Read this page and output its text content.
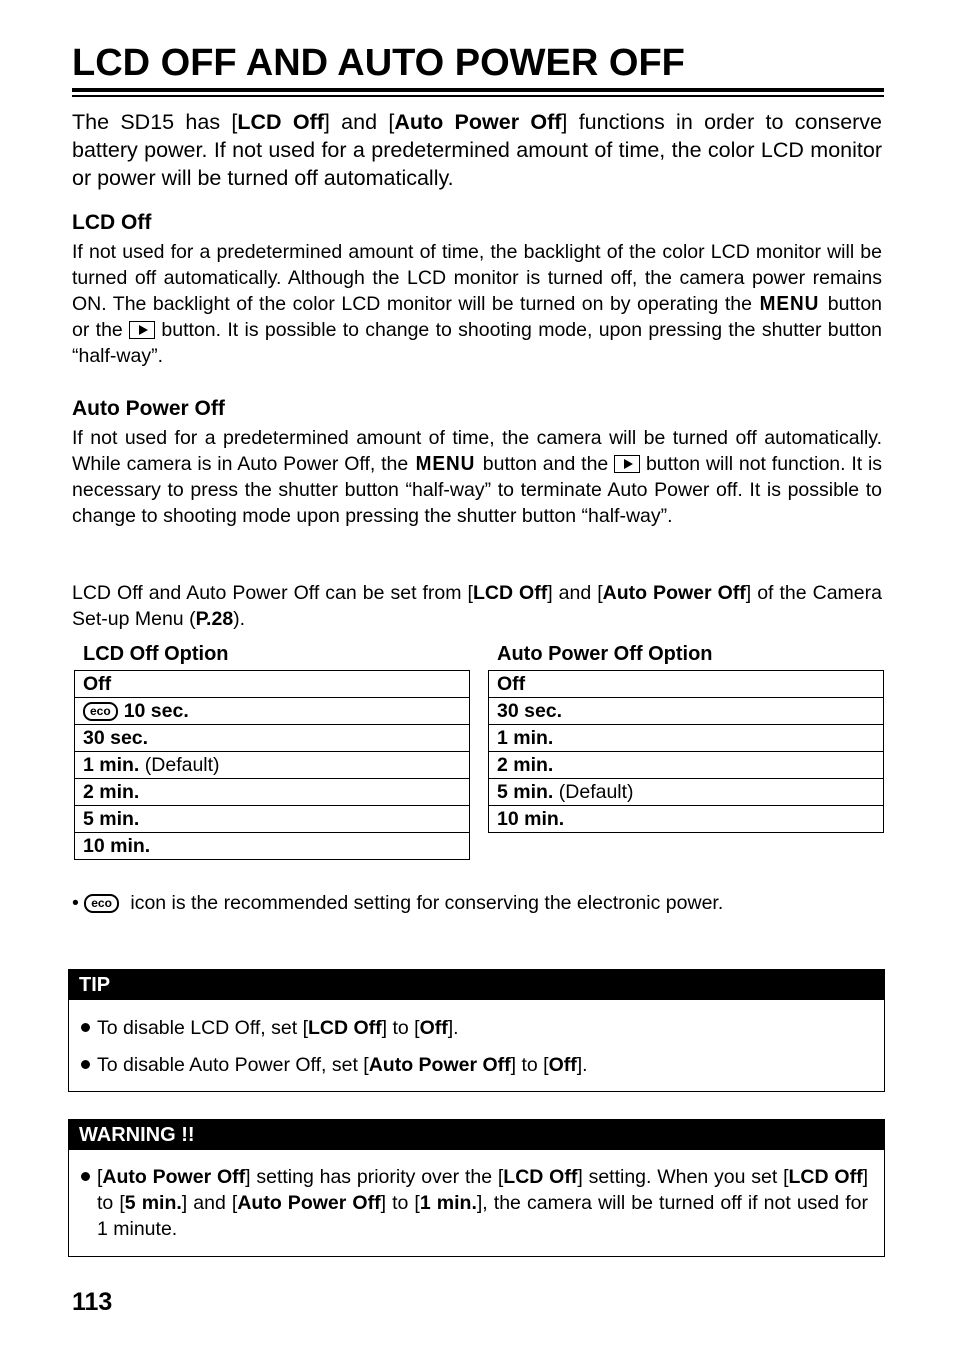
LCD OFF AND AUTO POWER OFF

The SD15 has [LCD Off] and [Auto Power Off] functions in order to conserve battery power. If not used for a predetermined amount of time, the color LCD monitor or power will be turned off automatically.

LCD Off

If not used for a predetermined amount of time, the backlight of the color LCD monitor will be turned off automatically. Although the LCD monitor is turned off, the camera power remains ON. The backlight of the color LCD monitor will be turned on by operating the MENU button or the button. It is possible to change to shooting mode, upon pressing the shutter button “half-way”.

Auto Power Off

If not used for a predetermined amount of time, the camera will be turned off automatically. While camera is in Auto Power Off, the MENU button and the button will not function. It is necessary to press the shutter button “half-way” to terminate Auto Power off. It is possible to change to shooting mode upon pressing the shutter button “half-way”.

LCD Off and Auto Power Off can be set from [LCD Off] and [Auto Power Off] of the Camera Set-up Menu (P.28).

LCD Off Option

Off
eco 10 sec.
30 sec.
1 min. (Default)
2 min.
5 min.
10 min.

Auto Power Off Option

Off
30 sec.
1 min.
2 min.
5 min. (Default)
10 min.

• eco icon is the recommended setting for conserving the electronic power.

TIP
To disable LCD Off, set [LCD Off] to [Off].
To disable Auto Power Off, set [Auto Power Off] to [Off].
WARNING !!
[Auto Power Off] setting has priority over the [LCD Off] setting. When you set [LCD Off] to [5 min.] and [Auto Power Off] to [1 min.], the camera will be turned off if not used for 1 minute.

113
